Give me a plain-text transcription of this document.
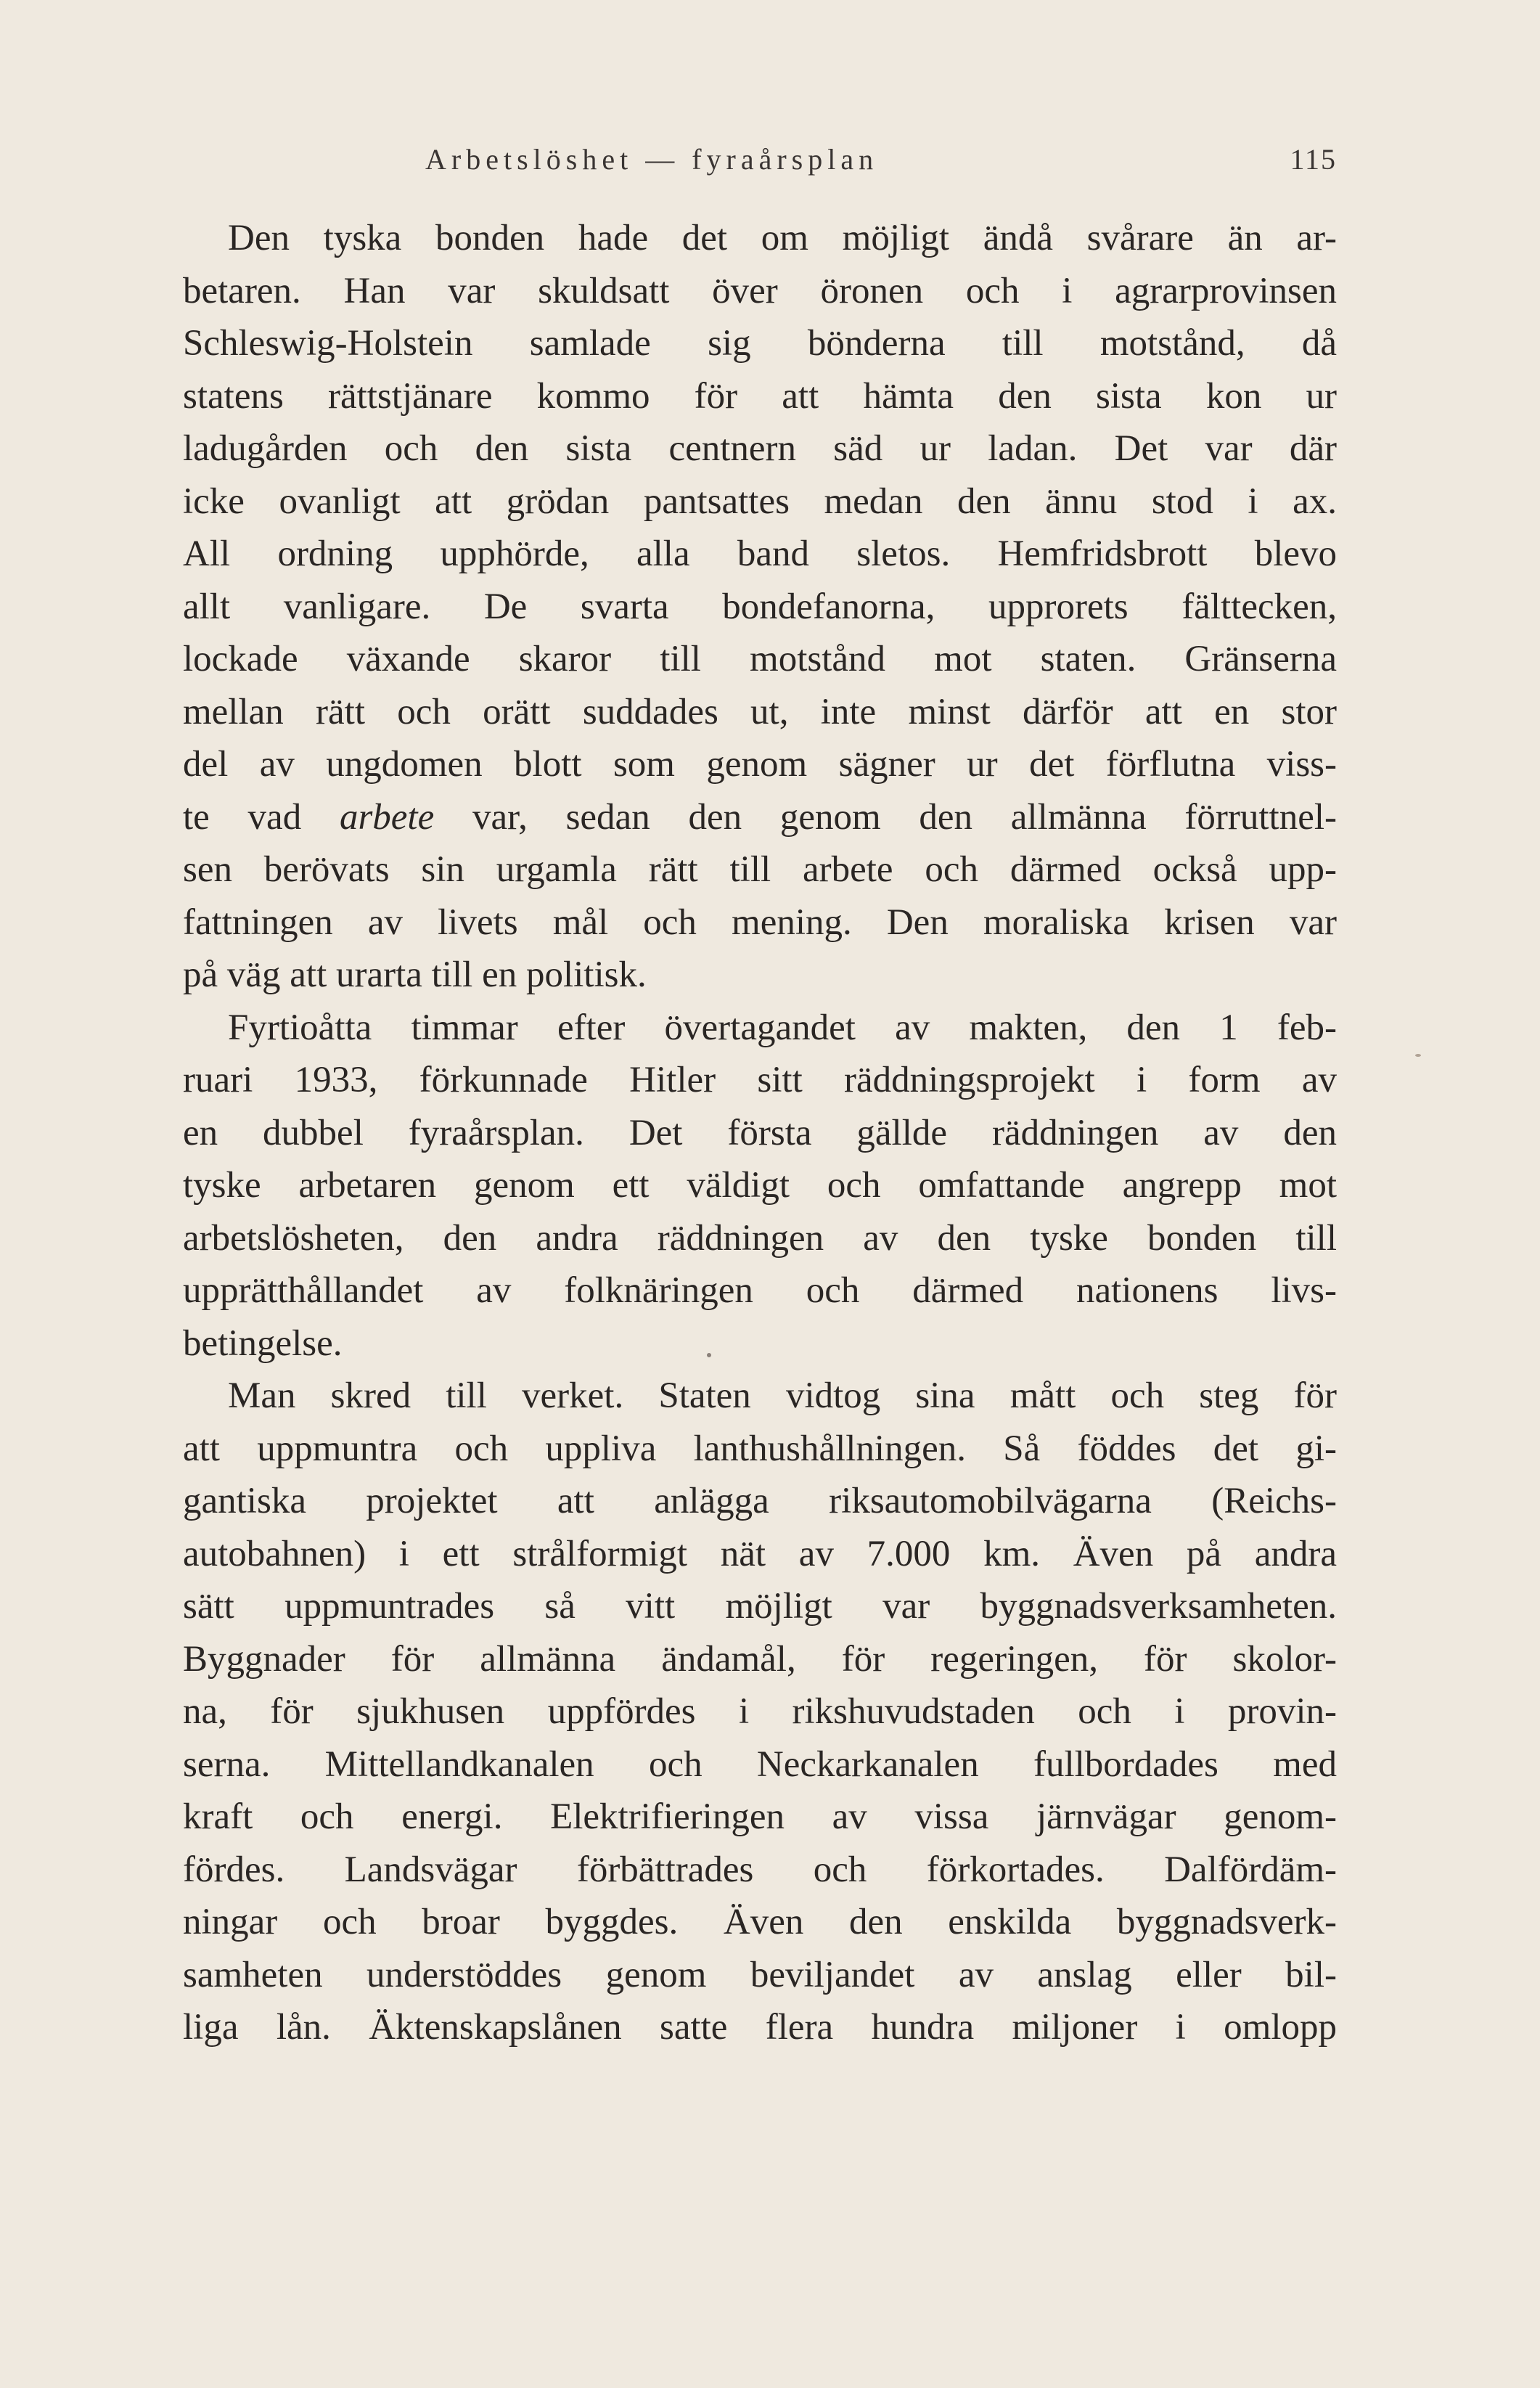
Arbetslöshet — fyraårsplan	115
Den tyska bonden hade det om möjligt ändå svårare än ar-
betaren. Han var skuldsatt över öronen och i agrarprovinsen
Schleswig-Holstein samlade sig bönderna till motstånd, då
statens rättstjänare kommo för att hämta den sista kon ur
ladugården och den sista centnern säd ur ladan. Det var där
icke ovanligt att grödan pantsattes medan den ännu stod i ax.
All ordning upphörde, alla band sletos. Hemfridsbrott blevo
allt vanligare. De svarta bondefanorna, upprorets fälttecken,
lockade växande skaror till motstånd mot staten. Gränserna
mellan rätt och orätt suddades ut, inte minst därför att en stor
del av ungdomen blott som genom sägner ur det förflutna viss-
te vad arbete var, sedan den genom den allmänna förruttnel-
sen berövats sin urgamla rätt till arbete och därmed också upp-
fattningen av livets mål och mening. Den moraliska krisen var
på väg att urarta till en politisk.
Fyrtioåtta timmar efter övertagandet av makten, den 1 feb-
ruari 1933, förkunnade Hitler sitt räddningsprojekt i form av
en dubbel fyraårsplan. Det första gällde räddningen av den
tyske arbetaren genom ett väldigt och omfattande angrepp mot
arbetslösheten, den andra räddningen av den tyske bonden till
upprätthållandet av folknäringen och därmed nationens livs-
betingelse.
Man skred till verket. Staten vidtog sina mått och steg för
att uppmuntra och uppliva lanthushållningen. Så föddes det gi-
gantiska projektet att anlägga riksautomobilvägarna (Reichs-
autobahnen) i ett strålformigt nät av 7.000 km. Även på andra
sätt uppmuntrades så vitt möjligt var byggnadsverksamheten.
Byggnader för allmänna ändamål, för regeringen, för skolor-
na, för sjukhusen uppfördes i rikshuvudstaden och i provin-
serna. Mittellandkanalen och Neckarkanalen fullbordades med
kraft och energi. Elektrifieringen av vissa järnvägar genom-
fördes. Landsvägar förbättrades och förkortades. Dalfördäm-
ningar och broar byggdes. Även den enskilda byggnadsverk-
samheten understöddes genom beviljandet av anslag eller bil-
liga lån. Äktenskapslånen satte flera hundra miljoner i omlopp
